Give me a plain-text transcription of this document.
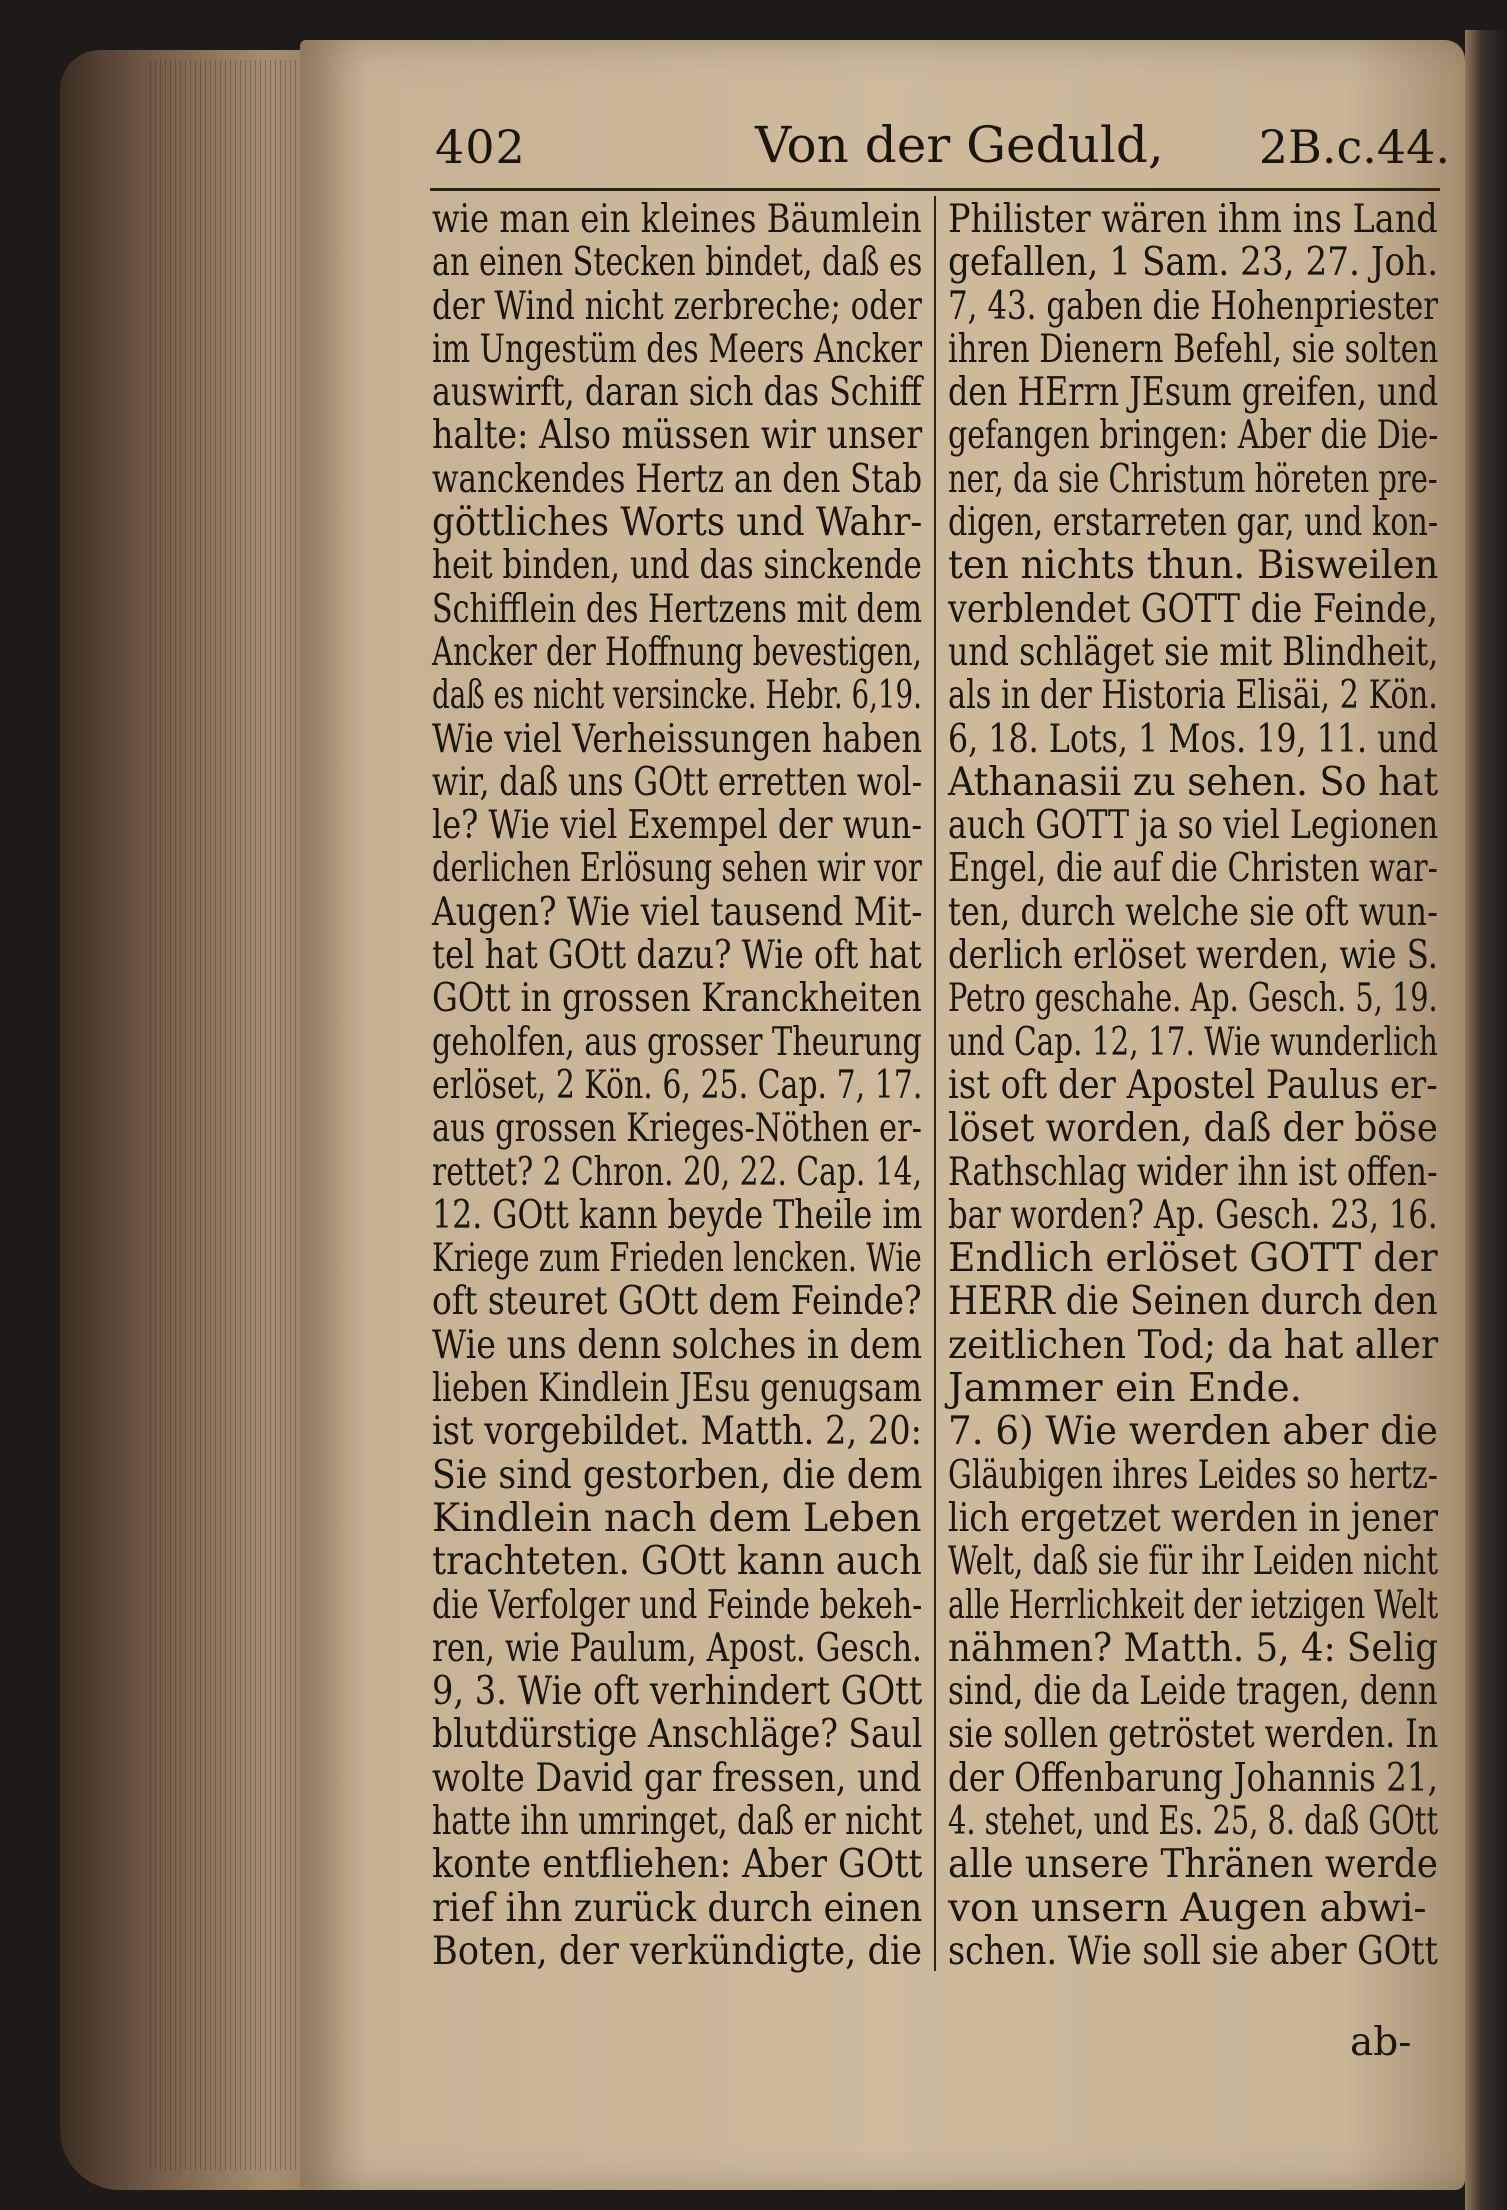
402	Von der Geduld, 2B.c.44.
wie man ein kleines Bäumlein
an einen Stecken bindet, daß es
der Wind nicht zerbreche; oder
im Ungestüm des Meers Ancker
auswirft, daran sich das Schiff
halte: Also müssen wir unser
wanckendes Hertz an den Stab
göttliches Worts und Wahr-
heit binden, und das sinckende
Schifflein des Hertzens mit dem
Ancker der Hoffnung bevestigen,
daß es nicht versincke. Hebr. 6,19.
Wie viel Verheissungen haben
wir, daß uns GOtt erretten wol-
le? Wie viel Exempel der wun-
derlichen Erlösung sehen wir vor
Augen? Wie viel tausend Mit-
tel hat GOtt dazu? Wie oft hat
GOtt in grossen Kranckheiten
geholfen, aus grosser Theurung
erlöset, 2 Kön. 6, 25. Cap. 7, 17.
aus grossen Krieges-Nöthen er-
rettet? 2 Chron. 20, 22. Cap. 14,
12. GOtt kann beyde Theile im
Kriege zum Frieden lencken. Wie
oft steuret GOtt dem Feinde?
Wie uns denn solches in dem
lieben Kindlein JEsu genugsam
ist vorgebildet. Matth. 2, 20:
Sie sind gestorben, die dem
Kindlein nach dem Leben
trachteten. GOtt kann auch
die Verfolger und Feinde bekeh-
ren, wie Paulum, Apost. Gesch.
9, 3. Wie oft verhindert GOtt
blutdürstige Anschläge? Saul
wolte David gar fressen, und
hatte ihn umringet, daß er nicht
konte entfliehen: Aber GOtt
rief ihn zurück durch einen
Boten, der verkündigte, die
Philister wären ihm ins Land
gefallen, 1 Sam. 23, 27. Joh.
7, 43. gaben die Hohenpriester
ihren Dienern Befehl, sie solten
den HErrn JEsum greifen, und
gefangen bringen: Aber die Die-
ner, da sie Christum höreten pre-
digen, erstarreten gar, und kon-
ten nichts thun. Bisweilen
verblendet GOTT die Feinde,
und schläget sie mit Blindheit,
als in der Historia Elisäi, 2 Kön.
6, 18. Lots, 1 Mos. 19, 11. und
Athanasii zu sehen. So hat
auch GOTT ja so viel Legionen
Engel, die auf die Christen war-
ten, durch welche sie oft wun-
derlich erlöset werden, wie S.
Petro geschahe. Ap. Gesch. 5, 19.
und Cap. 12, 17. Wie wunderlich
ist oft der Apostel Paulus er-
löset worden, daß der böse
Rathschlag wider ihn ist offen-
bar worden? Ap. Gesch. 23, 16.
Endlich erlöset GOTT der
HERR die Seinen durch den
zeitlichen Tod; da hat aller
Jammer ein Ende.
7. 6) Wie werden aber die
Gläubigen ihres Leides so hertz-
lich ergetzet werden in jener
Welt, daß sie für ihr Leiden nicht
alle Herrlichkeit der ietzigen Welt
nähmen? Matth. 5, 4: Selig
sind, die da Leide tragen, denn
sie sollen getröstet werden. In
der Offenbarung Johannis 21,
4. stehet, und Es. 25, 8. daß GOtt
alle unsere Thränen werde
von unsern Augen abwi-
schen. Wie soll sie aber GOtt
ab-
